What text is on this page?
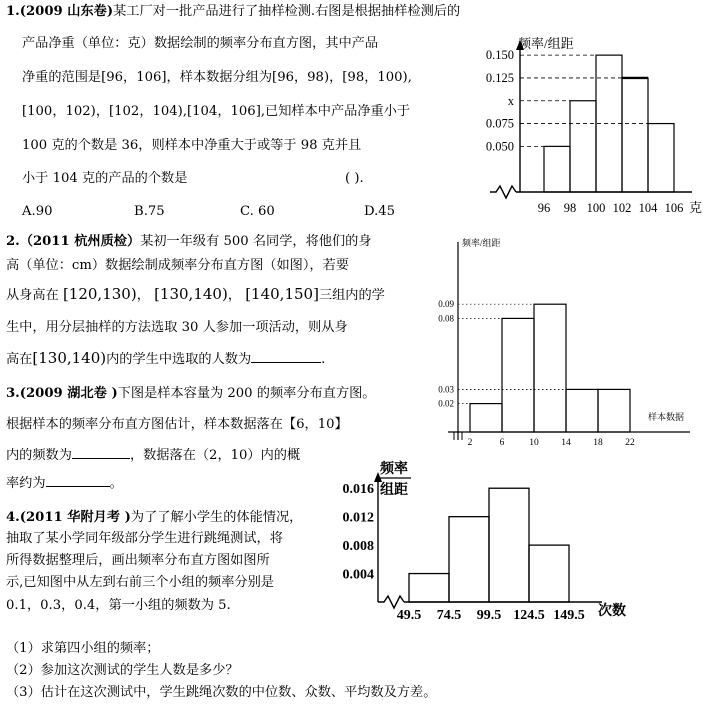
1.(2009 山东卷)某工厂对一批产品进行了抽样检测.右图是根据抽样检测后的
产品净重（单位：克）数据绘制的频率分布直方图，其中产品
净重的范围是[96，106]，样本数据分组为[96，98)，[98，100),
[100，102)，[102，104),[104，106],已知样本中产品净重小于
100 克的个数是 36，则样本中净重大于或等于 98 克并且
小于 104 克的产品的个数是	( ).
A.90	B.75	C. 60	D.45
频率/组距
克
0.150
0.125
x
0.075
0.050
96 98 100 102 104 106
2.（2011 杭州质检）某初一年级有 500 名同学，将他们的身
高（单位：cm）数据绘制成频率分布直方图（如图），若要
从身高在 [120,130)， [130,140)， [140,150]三组内的学
生中，用分层抽样的方法选取 30 人参加一项活动，则从身
高在[130,140)内的学生中选取的人数为	.
频率/组距
样本数据
0.09
0.08
0.03
0.02
2	6	10 14 18 22
3.(2009 湖北卷 )下图是样本容量为 200 的频率分布直方图。
根据样本的频率分布直方图估计，样本数据落在【6，10】
内的频数为	，数据落在（2，10）内的概
率约为	。
4.(2011 华附月考 )为了了解小学生的体能情况，
抽取了某小学同年级部分学生进行跳绳测试，将
所得数据整理后，画出频率分布直方图如图所
示,已知图中从左到右前三个小组的频率分别是
0.1，0.3，0.4，第一小组的频数为 5.
（1）求第四小组的频率；
（2）参加这次测试的学生人数是多少？
（3）估计在这次测试中，学生跳绳次数的中位数、众数、平均数及方差。
频率
组距
次数
0.016
0.012
0.008
0.004
49.5 74.5 99.5 124.5 149.5
